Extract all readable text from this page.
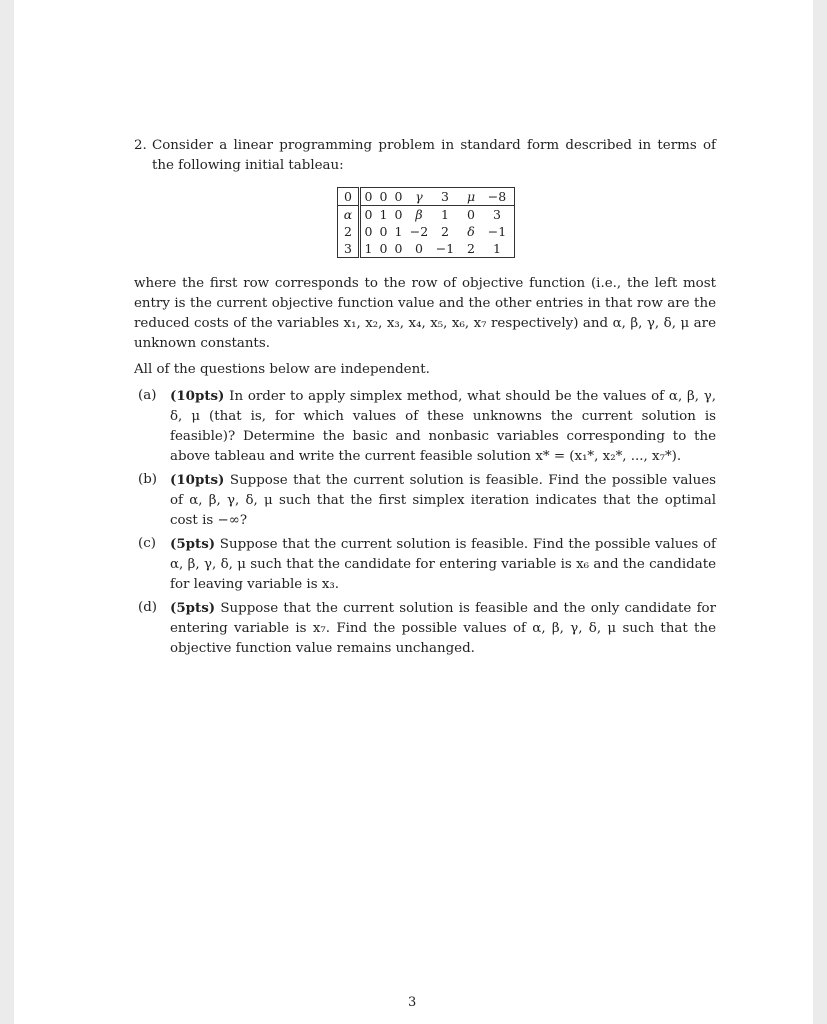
2. Consider a linear programming problem in standard form described in terms of the following initial tableau:
0	0	0	0	γ	3	μ	−8
α	0	1	0	β	1	0	3
2	0	0	1	−2	2	δ	−1
3	1	0	0	0	−1	2	1

where the first row corresponds to the row of objective function (i.e., the left most entry is the current objective function value and the other entries in that row are the reduced costs of the variables x₁, x₂, x₃, x₄, x₅, x₆, x₇ respectively) and α, β, γ, δ, μ are unknown constants.

All of the questions below are independent.

(a)	(10pts) In order to apply simplex method, what should be the values of α, β, γ, δ, μ (that is, for which values of these unknowns the current solution is feasible)? Determine the basic and nonbasic variables corresponding to the above tableau and write the current feasible solution x* = (x₁*, x₂*, ..., x₇*).
(b) (10pts) Suppose that the current solution is feasible. Find the possible values of α, β, γ, δ, μ such that the first simplex iteration indicates that the optimal cost is −∞?
(c)	(5pts) Suppose that the current solution is feasible. Find the possible values of α, β, γ, δ, μ such that the candidate for entering variable is x₆ and the candidate for leaving variable is x₃.
(d) (5pts) Suppose that the current solution is feasible and the only candidate for entering variable is x₇. Find the possible values of α, β, γ, δ, μ such that the objective function value remains unchanged.
3
